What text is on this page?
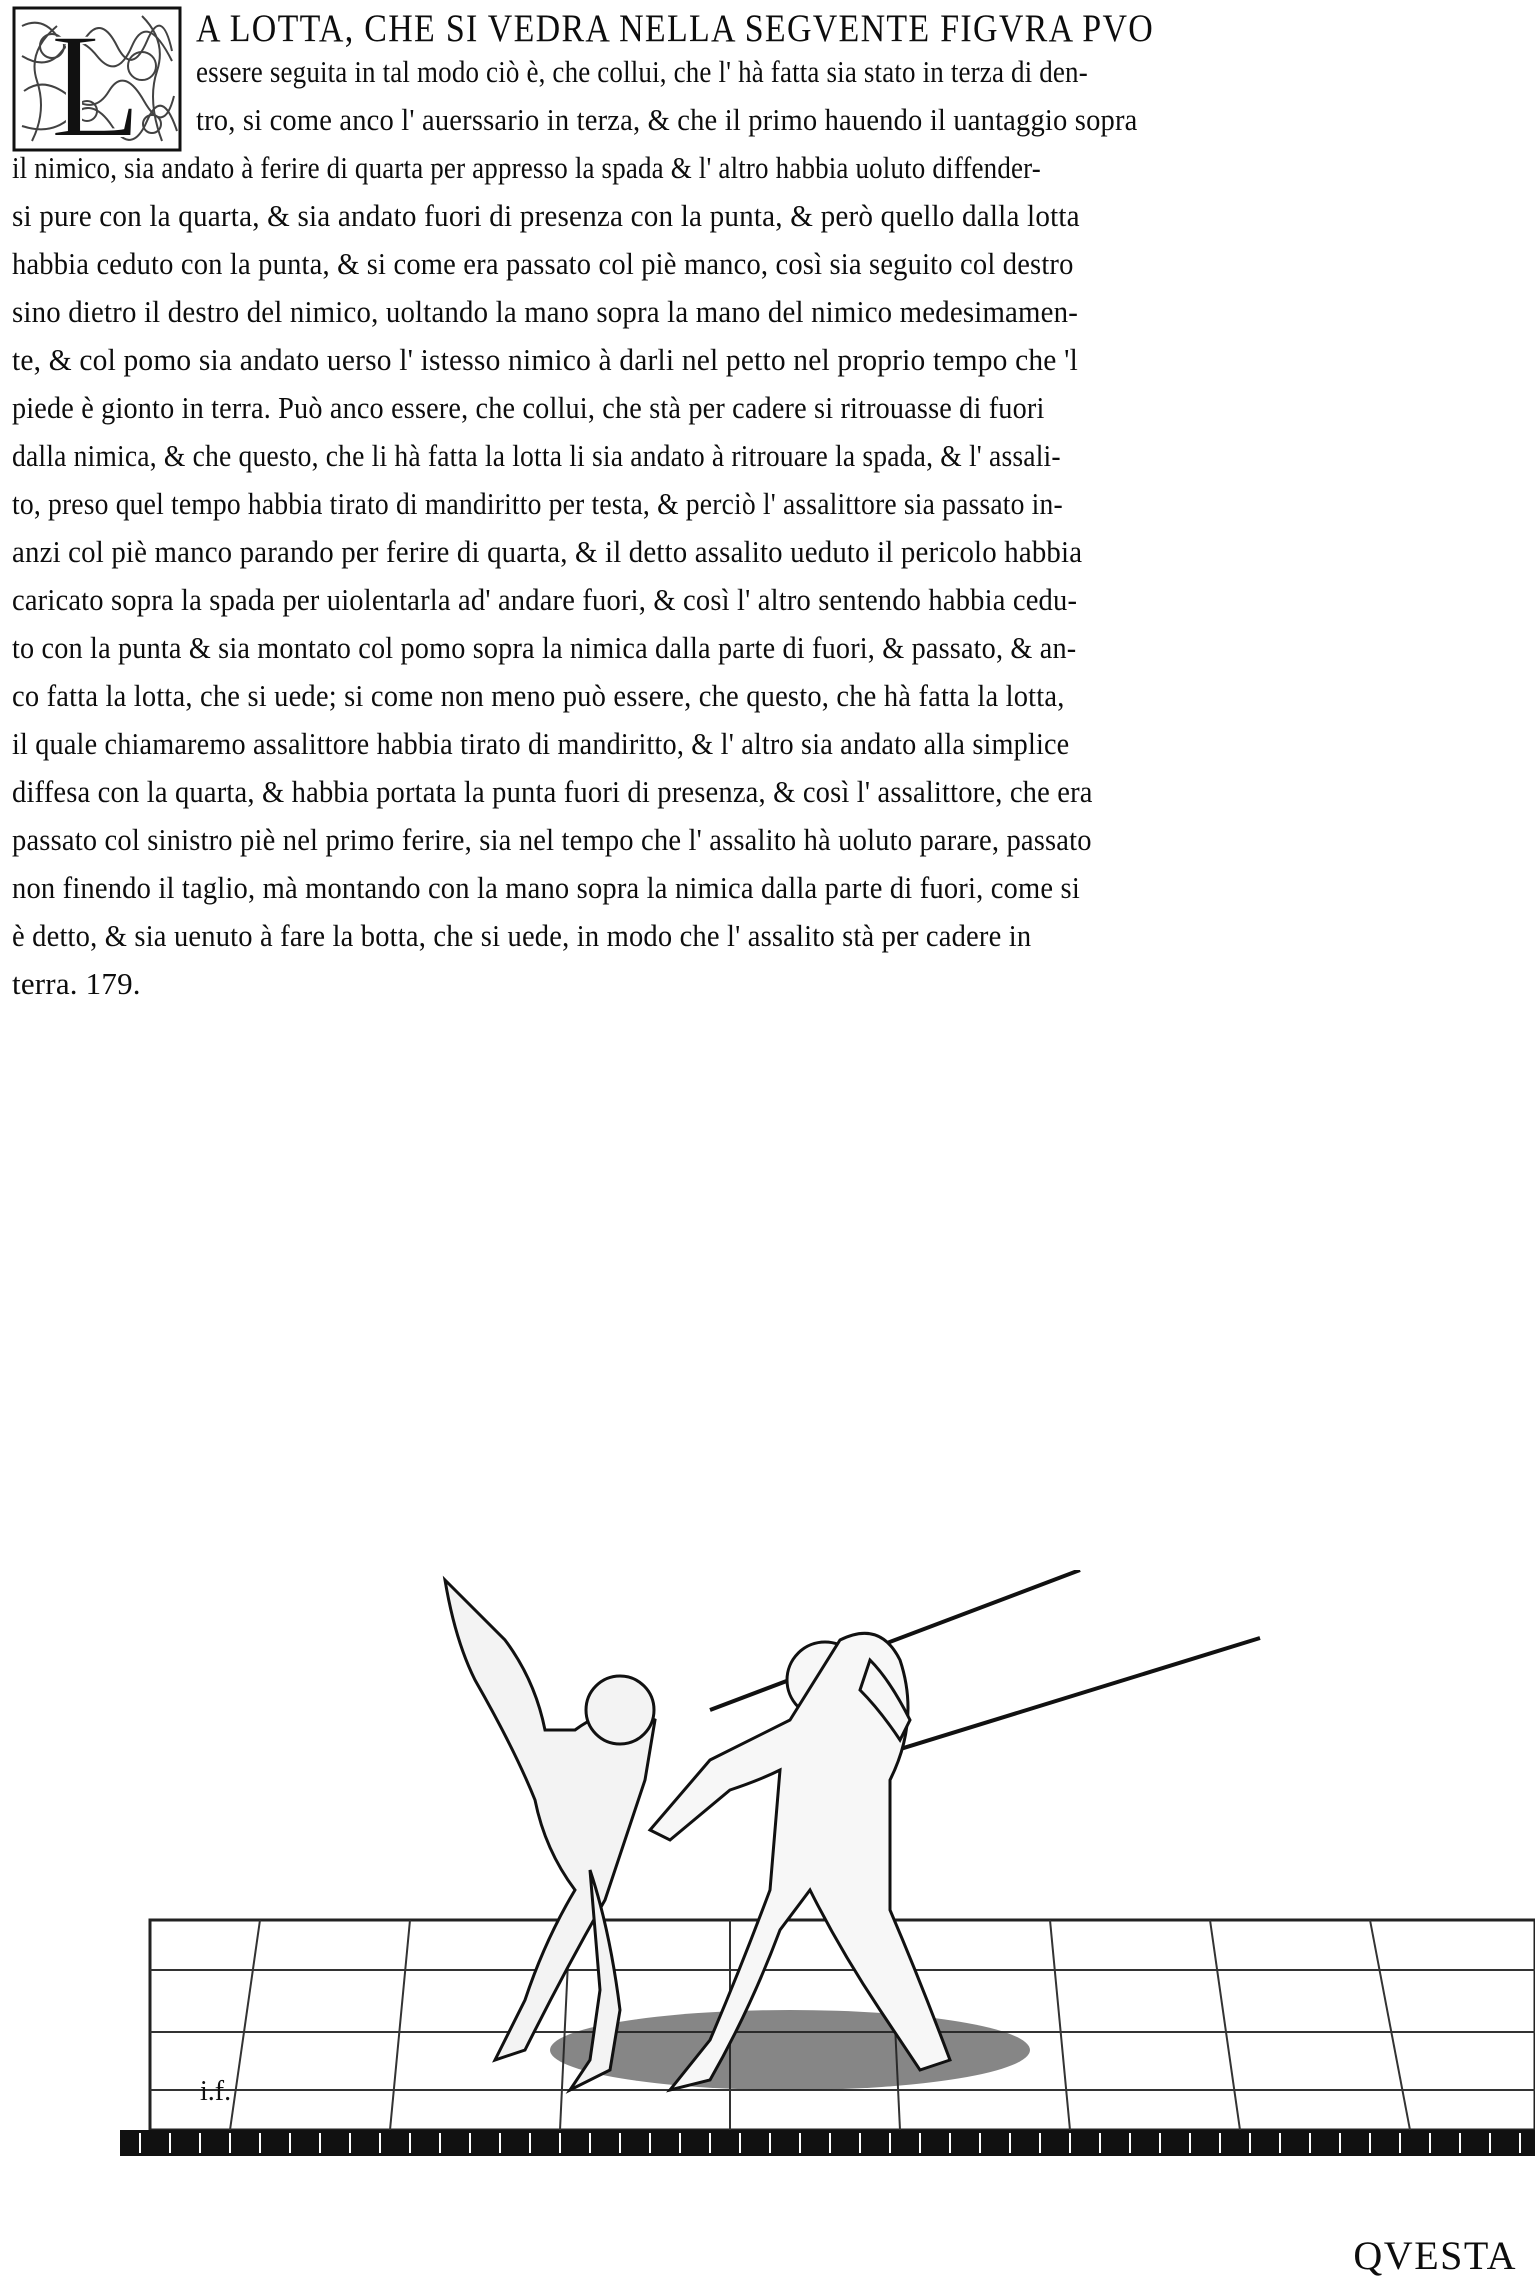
L A LOTTA, CHE SI VEDRA NELLA SEGVENTE FIGVRA PVO
essere seguita in tal modo ciò è, che collui, che l' hà fatta sia stato in terza di den-
tro, si come anco l' auerssario in terza, & che il primo hauendo il uantaggio sopra
il nimico, sia andato à ferire di quarta per appresso la spada & l' altro habbia uoluto diffender-
si pure con la quarta, & sia andato fuori di presenza con la punta, & però quello dalla lotta
habbia ceduto con la punta, & si come era passato col piè manco, così sia seguito col destro
sino dietro il destro del nimico, uoltando la mano sopra la mano del nimico medesimamen-
te, & col pomo sia andato uerso l' istesso nimico à darli nel petto nel proprio tempo che 'l
piede è gionto in terra. Può anco essere, che collui, che stà per cadere si ritrouasse di fuori
dalla nimica, & che questo, che li hà fatta la lotta li sia andato à ritrouare la spada, & l' assali-
to, preso quel tempo habbia tirato di mandiritto per testa, & perciò l' assalittore sia passato in-
anzi col piè manco parando per ferire di quarta, & il detto assalito ueduto il pericolo habbia
caricato sopra la spada per uiolentarla ad' andare fuori, & così l' altro sentendo habbia cedu-
to con la punta & sia montato col pomo sopra la nimica dalla parte di fuori, & passato, & an-
co fatta la lotta, che si uede; si come non meno può essere, che questo, che hà fatta la lotta,
il quale chiamaremo assalittore habbia tirato di mandiritto, & l' altro sia andato alla simplice
diffesa con la quarta, & habbia portata la punta fuori di presenza, & così l' assalittore, che era
passato col sinistro piè nel primo ferire, sia nel tempo che l' assalito hà uoluto parare, passato
non finendo il taglio, mà montando con la mano sopra la nimica dalla parte di fuori, come si
è detto, & sia uenuto à fare la botta, che si uede, in modo che l' assalito stà per cadere in
terra. 179.
i.f.
QVESTA
